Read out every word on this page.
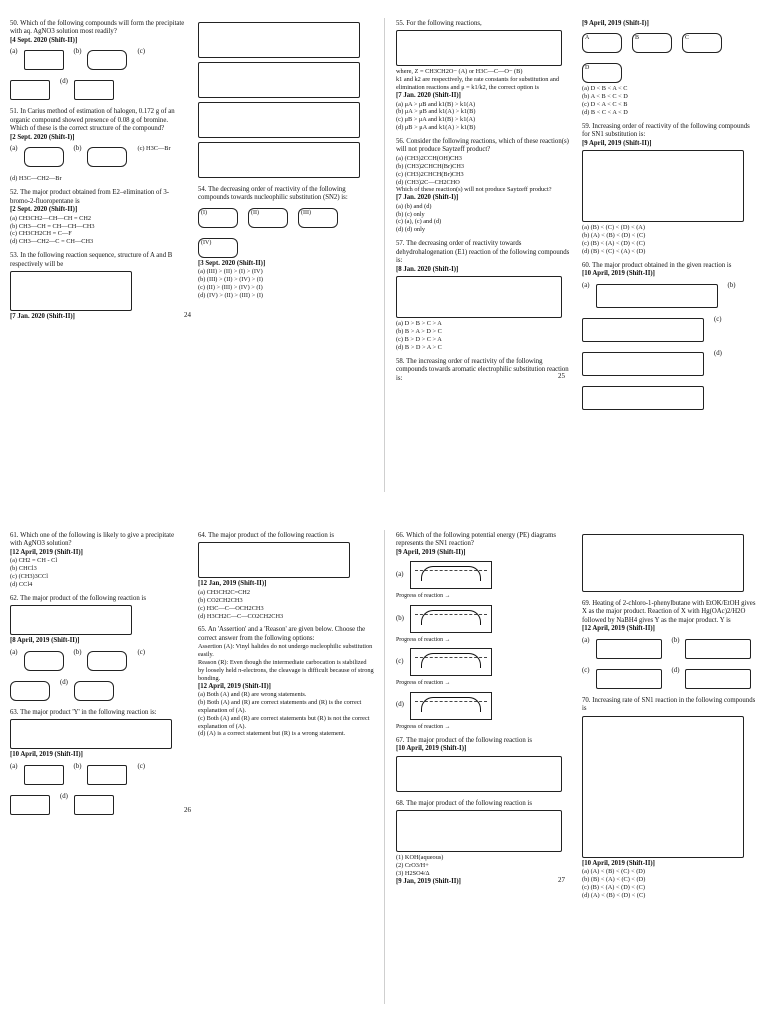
50. Which of the following compounds will form the precipitate with aq. AgNO3 solution most readily?
[4 Sept. 2020 (Shift-II)]
(a)	(b)	(c)
(d)
51. In Carius method of estimation of halogen, 0.172 g of an organic compound showed presence of 0.08 g of bromine. Which of these is the correct structure of the compound?
[2 Sept. 2020 (Shift-I)]
(a)	(b)	(c) H3C—Br
(d) H3C—CH2—Br
52. The major product obtained from E2–elimination of 3-bromo-2-fluoropentane is
[2 Sept. 2020 (Shift-II)]
(a) CH3CH2—CH—CH = CH2
(b) CH3—CH = CH—CH—CH3
(c) CH3CH2CH = C—F
(d) CH3—CH2—C = CH—CH3
53. In the following reaction sequence, structure of A and B respectively will be
[7 Jan. 2020 (Shift-II)]	24

54. The decreasing order of reactivity of the following compounds towards nucleophilic substitution (SN2) is:
(I)	(II)	(III)
(IV)
[3 Sept. 2020 (Shift-II)]
(a) (III) > (II) > (I) > (IV)
(b) (III) > (II) > (IV) > (I)
(c) (II) > (III) > (IV) > (I)
(d) (IV) > (II) > (III) > (I)
55. For the following reactions,
where, Z = CH3CH2O− (A) or H3C—C—O− (B)
k1 and k2 are respectively, the rate constants for substitution and elimination reactions and μ = k1/k2, the correct option is
[7 Jan. 2020 (Shift-II)]
(a) μA > μB and k1(B) > k1(A)
(b) μA > μB and k1(A) > k1(B)
(c) μB > μA and k1(B) > k1(A)
(d) μB > μA and k1(A) > k1(B)
56. Consider the following reactions, which of these reaction(s) will not produce Saytzeff product?
(a) (CH3)2CCH(OH)CH3
(b) (CH3)2CHCH(Br)CH3
(c) (CH3)2CHCH(Br)CH3
(d) (CH3)2C—CH2CHO
Which of these reaction(s) will not produce Saytzeff product?
[7 Jan. 2020 (Shift-I)]
(a) (b) and (d)
(b) (c) only
(c) (a), (c) and (d)
(d) (d) only
57. The decreasing order of reactivity towards dehydrohalogenation (E1) reaction of the following compounds is:
[8 Jan. 2020 (Shift-I)]
(a) D > B > C > A
(b) B > A > D > C
(c) B > D > C > A
(d) B > D > A > C
58. The increasing order of reactivity of the following compounds towards aromatic electrophilic substitution reaction is:	25
[9 April, 2019 (Shift-I)]
A	B	C
D
(a) D < B < A < C
(b) A < B < C < D
(c) D < A < C < B
(d) B < C < A < D
59. Increasing order of reactivity of the following compounds for SN1 substitution is:
[9 April, 2019 (Shift-II)]
(a) (B) < (C) < (D) < (A)
(b) (A) < (B) < (D) < (C)
(c) (B) < (A) < (D) < (C)
(d) (B) < (C) < (A) < (D)
60. The major product obtained in the given reaction is
[10 April, 2019 (Shift-II)]
(a)	(b)
(c)
(d)
61. Which one of the following is likely to give a precipitate with AgNO3 solution?
[12 April, 2019 (Shift-II)]
(a) CH2 = CH - Cl
(b) CHCl3
(c) (CH3)3CCl
(d) CCl4
62. The major product of the following reaction is
[8 April, 2019 (Shift-II)]
(a)	(b)	(c)
(d)
63. The major product 'Y' in the following reaction is:
[10 April, 2019 (Shift-II)]
(a)	(b)	(c)
(d)
26
64. The major product of the following reaction is
[12 Jan, 2019 (Shift-II)]
(a) CH3CH2C=CH2
(b) CO2CH2CH3
(c) H3C—C—OCH2CH3
(d) H3CH2C—C—CO2CH2CH3
65. An 'Assertion' and a 'Reason' are given below. Choose the correct answer from the following options:
Assertion (A): Vinyl halides do not undergo nucleophilic substitution easily.
Reason (R): Even though the intermediate carbocation is stabilized by loosely held π-electrons, the cleavage is difficult because of strong bonding.
[12 April, 2019 (Shift-II)]
(a) Both (A) and (R) are wrong statements.
(b) Both (A) and (R) are correct statements and (R) is the correct explanation of (A).
(c) Both (A) and (R) are correct statements but (R) is not the correct explanation of (A).
(d) (A) is a correct statement but (R) is a wrong statement.
66. Which of the following potential energy (PE) diagrams represents the SN1 reaction?
[9 April, 2019 (Shift-II)]
(a)
Progress of reaction →
(b)
Progress of reaction →
(c)
Progress of reaction →
(d)
Progress of reaction →
67. The major product of the following reaction is
[10 April, 2019 (Shift-I)]
68. The major product of the following reaction is
(1) KOH(aqueous)
(2) CrO3/H+
(3) H2SO4/Δ
[9 Jan, 2019 (Shift-II)]	27
69. Heating of 2-chloro-1-phenylbutane with EtOK/EtOH gives X as the major product. Reaction of X with Hg(OAc)2/H2O followed by NaBH4 gives Y as the major product. Y is
[12 April, 2019 (Shift-II)]
(a)	(b)
(c)	(d)
70. Increasing rate of SN1 reaction in the following compounds is
[10 April, 2019 (Shift-II)]
(a) (A) < (B) < (C) < (D)
(b) (B) < (A) < (C) < (D)
(c) (B) < (A) < (D) < (C)
(d) (A) < (B) < (D) < (C)
